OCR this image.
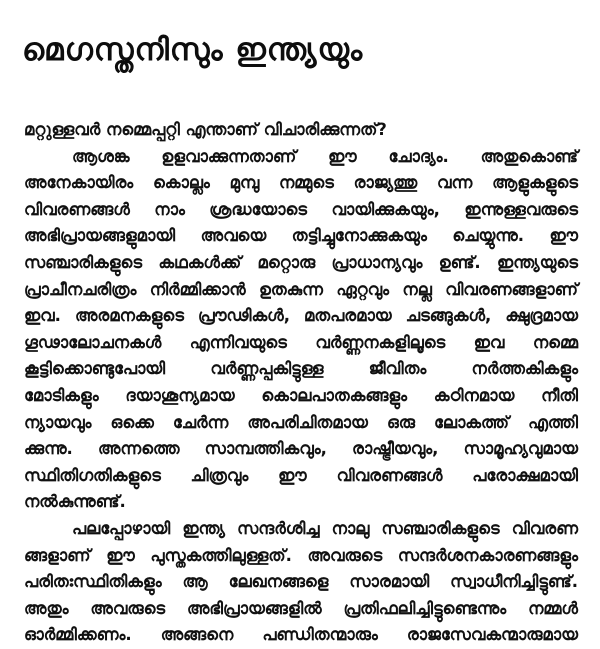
മെഗസ്തനിസും ഇന്ത്യയും
മറ്റുള്ളവർ നമ്മെപ്പറ്റി എന്താണ് വിചാരിക്കുന്നത്?
ആശങ്ക ഉളവാക്കുന്നതാണ് ഈ ചോദ്യം. അതുകൊണ്ട്
അനേകായിരം കൊല്ലം മുമ്പു നമ്മുടെ രാജ്യത്തു വന്ന ആളുകളുടെ
വിവരണങ്ങൾ നാം ശ്രദ്ധയോടെ വായിക്കുകയും, ഇന്നുള്ളവരുടെ
അഭിപ്രായങ്ങളുമായി അവയെ തട്ടിച്ചുനോക്കുകയും ചെയ്യുന്നു. ഈ
സഞ്ചാരികളുടെ കഥകൾക്ക് മറ്റൊരു പ്രാധാന്യവും ഉണ്ട്. ഇന്ത്യയുടെ
പ്രാചീനചരിത്രം നിർമ്മിക്കാൻ ഉതകുന്ന ഏറ്റവും നല്ല വിവരണങ്ങളാണ്
ഇവ. അരമനകളുടെ പ്രൗഢികൾ, മതപരമായ ചടങ്ങുകൾ, ക്ഷുദ്രമായ
ഗൂഢാലോചനകൾ എന്നിവയുടെ വർണ്ണനകളിലൂടെ ഇവ നമ്മെ
കൂട്ടിക്കൊണ്ടുപോയി വർണ്ണപ്പകിട്ടുള്ള ജീവിതം നർത്തകികളും
മോടികളും ദയാശൂന്യമായ കൊലപാതകങ്ങളും കഠിനമായ നീതി
ന്യായവും ഒക്കെ ചേർന്ന അപരിചിതമായ ഒരു ലോകത്ത് എത്തി
ക്കുന്നു. അന്നത്തെ സാമ്പത്തികവും, രാഷ്ട്രീയവും, സാമൂഹ്യവുമായ
സ്ഥിതിഗതികളുടെ ചിത്രവും ഈ വിവരണങ്ങൾ പരോക്ഷമായി
നൽകുന്നുണ്ട്.
പലപ്പോഴായി ഇന്ത്യ സന്ദർശിച്ച നാലു സഞ്ചാരികളുടെ വിവരണ
ങ്ങളാണ് ഈ പുസ്തകത്തിലുള്ളത്. അവരുടെ സന്ദർശനകാരണങ്ങളും
പരിതഃസ്ഥിതികളും ആ ലേഖനങ്ങളെ സാരമായി സ്വാധീനിച്ചിട്ടുണ്ട്.
അതും അവരുടെ അഭിപ്രായങ്ങളിൽ പ്രതിഫലിച്ചിട്ടുണ്ടെന്നും നമ്മൾ
ഓർമ്മിക്കണം. അങ്ങനെ പണ്ഡിതന്മാരും രാജസേവകന്മാരുമായ
